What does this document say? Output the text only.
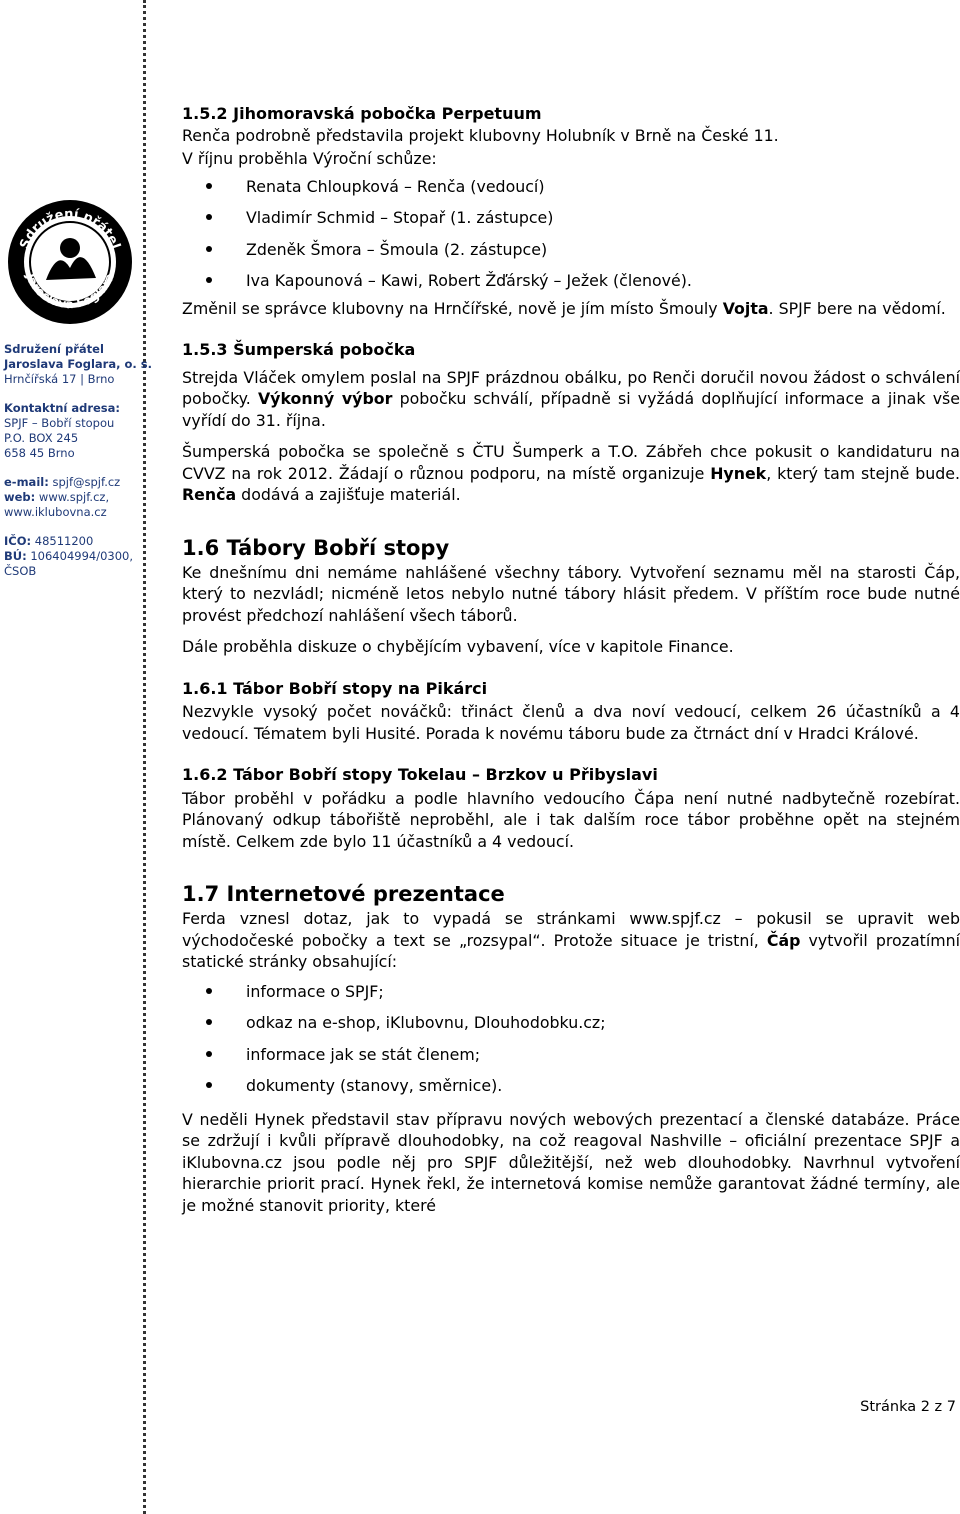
Sdružení přátel
Jaroslava Foglara
Sdružení přátel
Jaroslava Foglara, o. s.
Hrnčířská 17 | Brno
Kontaktní adresa:
SPJF – Bobří stopou
P.O. BOX 245
658 45 Brno
e-mail: spjf@spjf.cz
web: www.spjf.cz,
www.iklubovna.cz
IČO: 48511200
BÚ: 106404994/0300,
ČSOB
1.5.2 Jihomoravská pobočka Perpetuum

Renča podrobně představila projekt klubovny Holubník v Brně na České 11.

V říjnu proběhla Výroční schůze:

Renata Chloupková – Renča (vedoucí)
Vladimír Schmid – Stopař (1. zástupce)
Zdeněk Šmora – Šmoula (2. zástupce)
Iva Kapounová – Kawi, Robert Žďárský – Ježek (členové).

Změnil se správce klubovny na Hrnčířské, nově je jím místo Šmouly Vojta. SPJF bere na vědomí.

1.5.3 Šumperská pobočka

Strejda Vláček omylem poslal na SPJF prázdnou obálku, po Renči doručil novou žádost o schválení pobočky. Výkonný výbor pobočku schválí, případně si vyžádá doplňující informace a jinak vše vyřídí do 31. října.

Šumperská pobočka se společně s ČTU Šumperk a T.O. Zábřeh chce pokusit o kandidaturu na CVVZ na rok 2012. Žádají o různou podporu, na místě organizuje Hynek, který tam stejně bude. Renča dodává a zajišťuje materiál.

1.6 Tábory Bobří stopy

Ke dnešnímu dni nemáme nahlášené všechny tábory. Vytvoření seznamu měl na starosti Čáp, který to nezvládl; nicméně letos nebylo nutné tábory hlásit předem. V příštím roce bude nutné provést předchozí nahlášení všech táborů.

Dále proběhla diskuze o chybějícím vybavení, více v kapitole Finance.

1.6.1 Tábor Bobří stopy na Pikárci

Nezvykle vysoký počet nováčků: třináct členů a dva noví vedoucí, celkem 26 účastníků a 4 vedoucí. Tématem byli Husité. Porada k novému táboru bude za čtrnáct dní v Hradci Králové.

1.6.2 Tábor Bobří stopy Tokelau – Brzkov u Přibyslavi

Tábor proběhl v pořádku a podle hlavního vedoucího Čápa není nutné nadbytečně rozebírat. Plánovaný odkup tábořiště neproběhl, ale i tak dalším roce tábor proběhne opět na stejném místě. Celkem zde bylo 11 účastníků a 4 vedoucí.

1.7 Internetové prezentace

Ferda vznesl dotaz, jak to vypadá se stránkami www.spjf.cz – pokusil se upravit web východočeské pobočky a text se „rozsypal“. Protože situace je tristní, Čáp vytvořil prozatímní statické stránky obsahující:

informace o SPJF;
odkaz na e-shop, iKlubovnu, Dlouhodobku.cz;
informace jak se stát členem;
dokumenty (stanovy, směrnice).

V neděli Hynek představil stav přípravu nových webových prezentací a členské databáze. Práce se zdržují i kvůli přípravě dlouhodobky, na což reagoval Nashville – oficiální prezentace SPJF a iKlubovna.cz jsou podle něj pro SPJF důležitější, než web dlouhodobky. Navrhnul vytvoření hierarchie priorit prací. Hynek řekl, že internetová komise nemůže garantovat žádné termíny, ale je možné stanovit priority, které

Stránka 2 z 7
